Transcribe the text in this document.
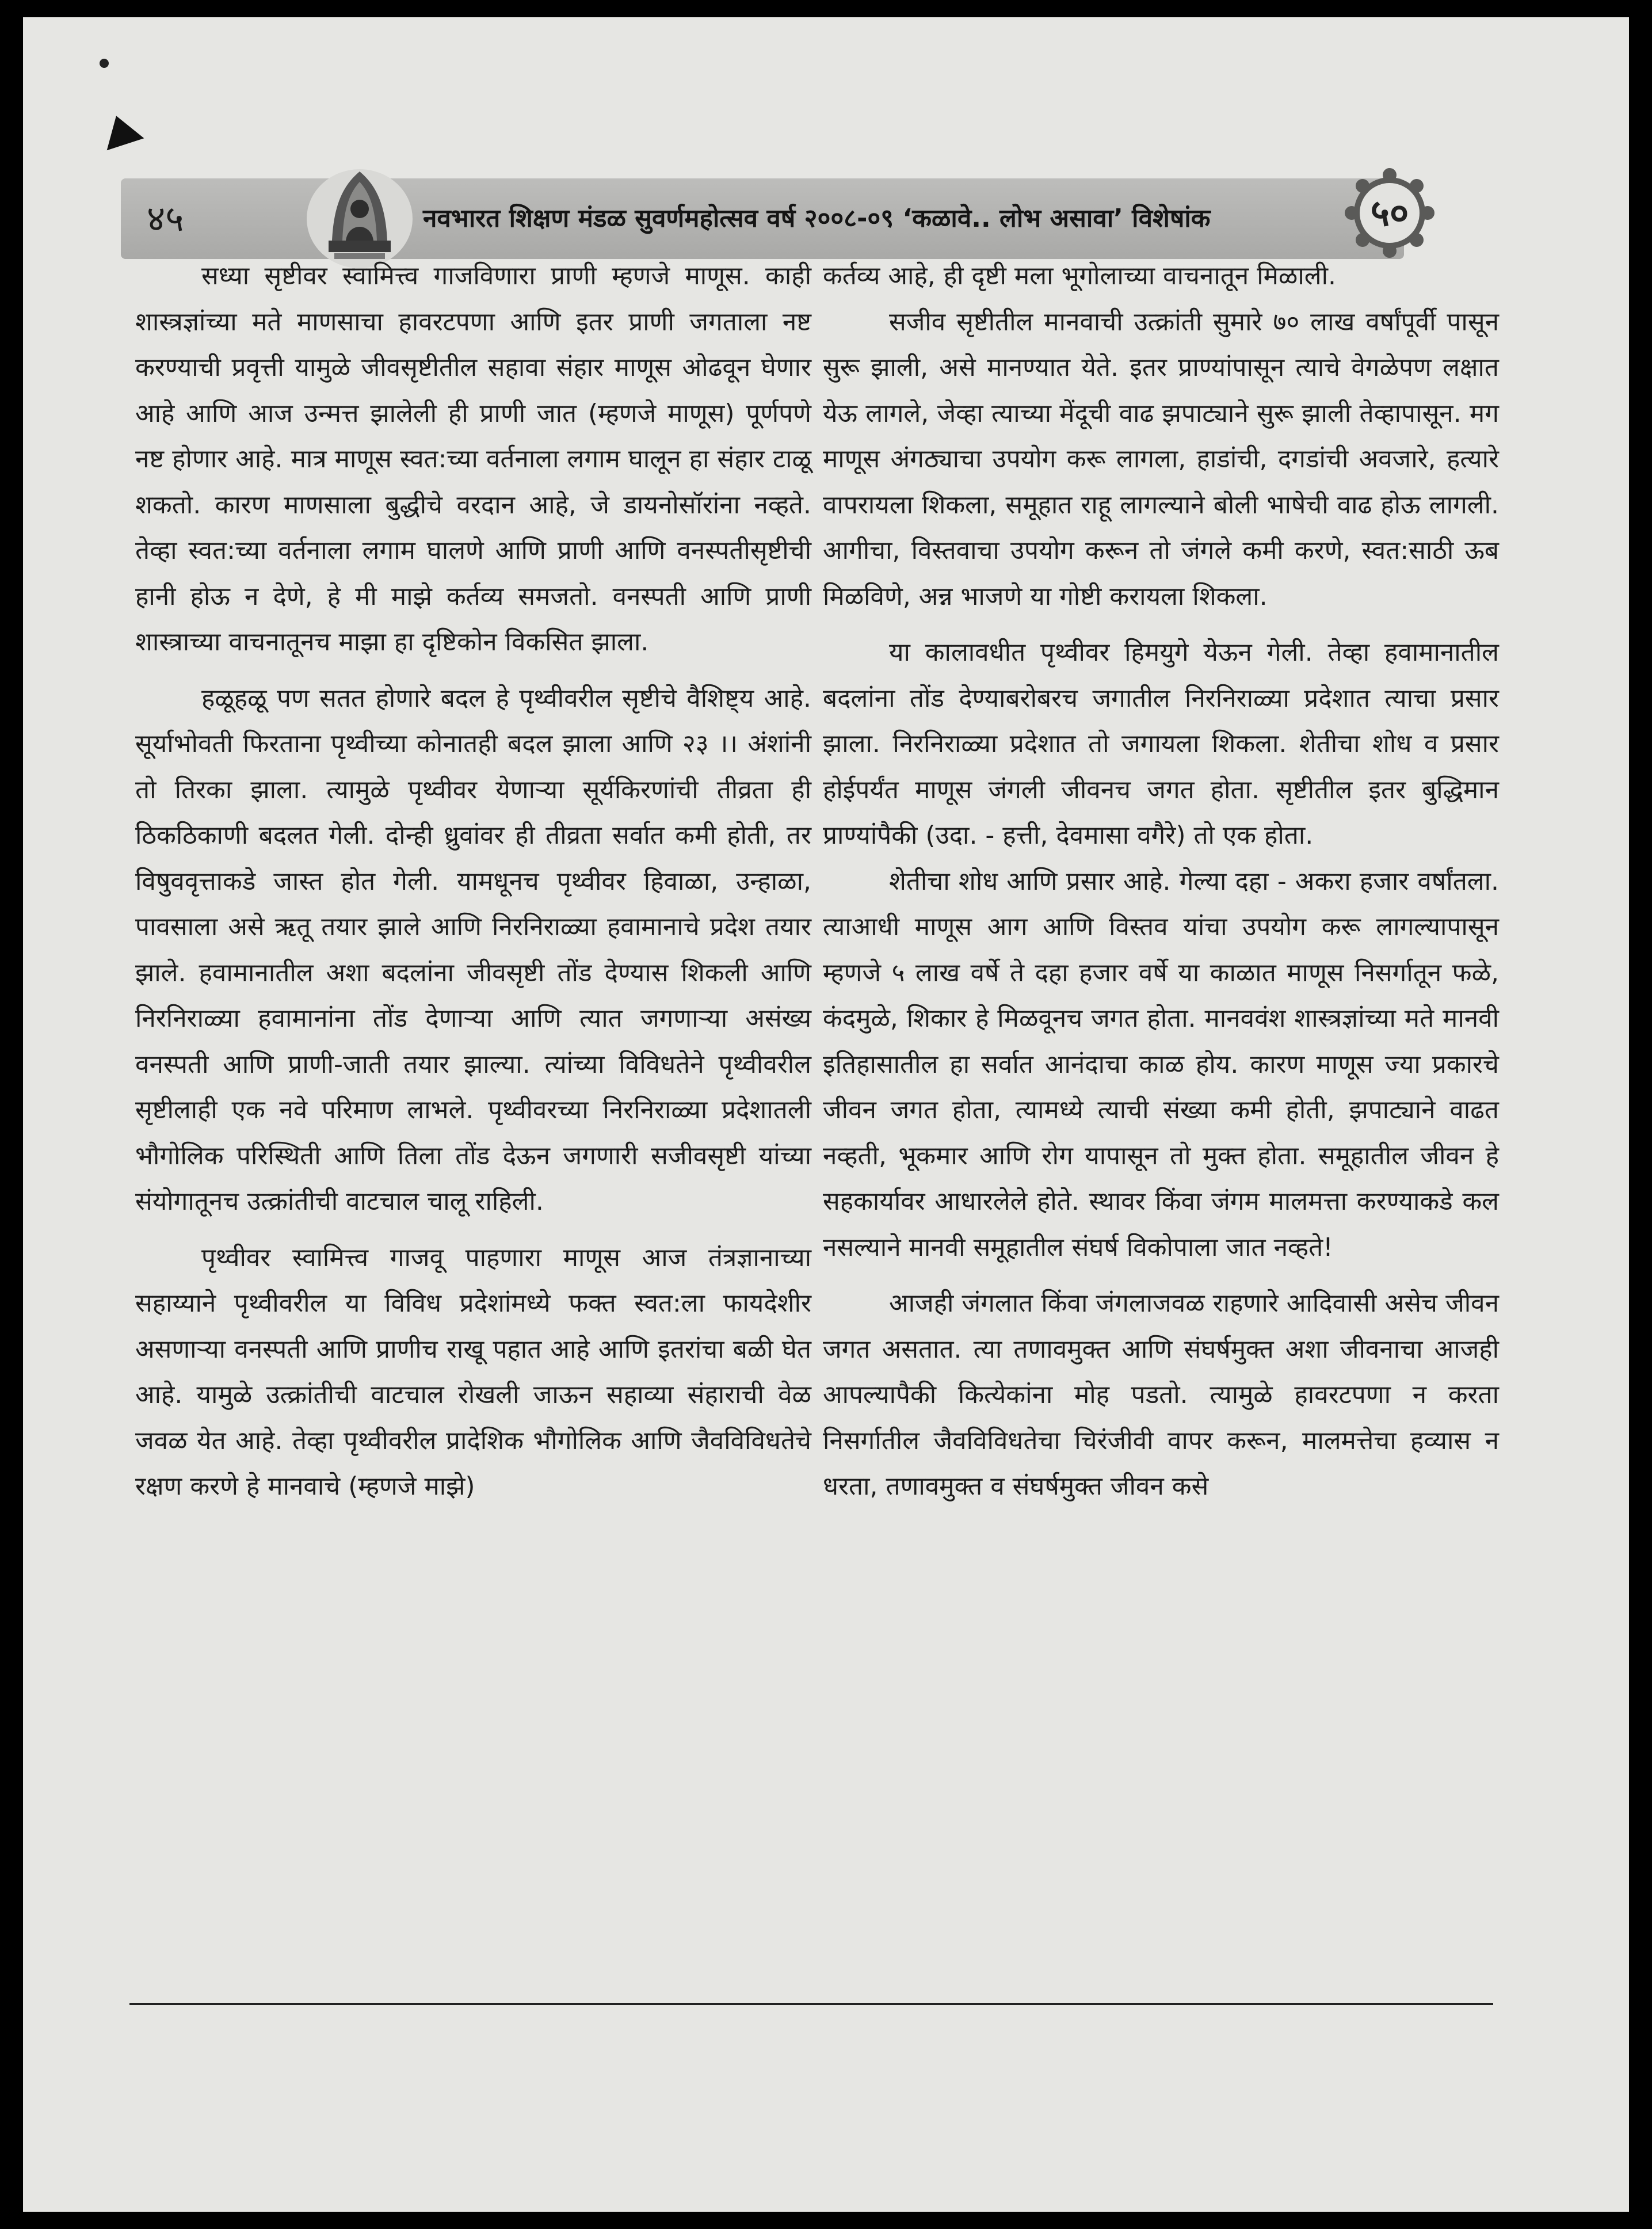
४५	नवभारत शिक्षण मंडळ सुवर्णमहोत्सव वर्ष २००८-०९ ‘कळावे.. लोभ असावा’ विशेषांक	५०

सध्या सृष्टीवर स्वामित्त्व गाजविणारा प्राणी म्हणजे माणूस. काही शास्त्रज्ञांच्या मते माणसाचा हावरटपणा आणि इतर प्राणी जगताला नष्ट करण्याची प्रवृत्ती यामुळे जीवसृष्टीतील सहावा संहार माणूस ओढवून घेणार आहे आणि आज उन्मत्त झालेली ही प्राणी जात (म्हणजे माणूस) पूर्णपणे नष्ट होणार आहे. मात्र माणूस स्वत:च्या वर्तनाला लगाम घालून हा संहार टाळू शकतो. कारण माणसाला बुद्धीचे वरदान आहे, जे डायनोसॉरांना नव्हते. तेव्हा स्वत:च्या वर्तनाला लगाम घालणे आणि प्राणी आणि वनस्पतीसृष्टीची हानी होऊ न देणे, हे मी माझे कर्तव्य समजतो. वनस्पती आणि प्राणी शास्त्राच्या वाचनातूनच माझा हा दृष्टिकोन विकसित झाला.

हळूहळू पण सतत होणारे बदल हे पृथ्वीवरील सृष्टीचे वैशिष्ट्य आहे. सूर्याभोवती फिरताना पृथ्वीच्या कोनातही बदल झाला आणि २३ ।। अंशांनी तो तिरका झाला. त्यामुळे पृथ्वीवर येणाऱ्या सूर्यकिरणांची तीव्रता ही ठिकठिकाणी बदलत गेली. दोन्ही ध्रुवांवर ही तीव्रता सर्वात कमी होती, तर विषुववृत्ताकडे जास्त होत गेली. यामधूनच पृथ्वीवर हिवाळा, उन्हाळा, पावसाला असे ऋतू तयार झाले आणि निरनिराळ्या हवामानाचे प्रदेश तयार झाले. हवामानातील अशा बदलांना जीवसृष्टी तोंड देण्यास शिकली आणि निरनिराळ्या हवामानांना तोंड देणाऱ्या आणि त्यात जगणाऱ्या असंख्य वनस्पती आणि प्राणी-जाती तयार झाल्या. त्यांच्या विविधतेने पृथ्वीवरील सृष्टीलाही एक नवे परिमाण लाभले. पृथ्वीवरच्या निरनिराळ्या प्रदेशातली भौगोलिक परिस्थिती आणि तिला तोंड देऊन जगणारी सजीवसृष्टी यांच्या संयोगातूनच उत्क्रांतीची वाटचाल चालू राहिली.

पृथ्वीवर स्वामित्त्व गाजवू पाहणारा माणूस आज तंत्रज्ञानाच्या सहाय्याने पृथ्वीवरील या विविध प्रदेशांमध्ये फक्त स्वत:ला फायदेशीर असणाऱ्या वनस्पती आणि प्राणीच राखू पहात आहे आणि इतरांचा बळी घेत आहे. यामुळे उत्क्रांतीची वाटचाल रोखली जाऊन सहाव्या संहाराची वेळ जवळ येत आहे. तेव्हा पृथ्वीवरील प्रादेशिक भौगोलिक आणि जैवविविधतेचे रक्षण करणे हे मानवाचे (म्हणजे माझे)

कर्तव्य आहे, ही दृष्टी मला भूगोलाच्या वाचनातून मिळाली.

सजीव सृष्टीतील मानवाची उत्क्रांती सुमारे ७० लाख वर्षांपूर्वी पासून सुरू झाली, असे मानण्यात येते. इतर प्राण्यांपासून त्याचे वेगळेपण लक्षात येऊ लागले, जेव्हा त्याच्या मेंदूची वाढ झपाट्याने सुरू झाली तेव्हापासून. मग माणूस अंगठ्याचा उपयोग करू लागला, हाडांची, दगडांची अवजारे, हत्यारे वापरायला शिकला, समूहात राहू लागल्याने बोली भाषेची वाढ होऊ लागली. आगीचा, विस्तवाचा उपयोग करून तो जंगले कमी करणे, स्वत:साठी ऊब मिळविणे, अन्न भाजणे या गोष्टी करायला शिकला.

या कालावधीत पृथ्वीवर हिमयुगे येऊन गेली. तेव्हा हवामानातील बदलांना तोंड देण्याबरोबरच जगातील निरनिराळ्या प्रदेशात त्याचा प्रसार झाला. निरनिराळ्या प्रदेशात तो जगायला शिकला. शेतीचा शोध व प्रसार होईपर्यंत माणूस जंगली जीवनच जगत होता. सृष्टीतील इतर बुद्धिमान प्राण्यांपैकी (उदा. - हत्ती, देवमासा वगैरे) तो एक होता.

शेतीचा शोध आणि प्रसार आहे. गेल्या दहा - अकरा हजार वर्षांतला. त्याआधी माणूस आग आणि विस्तव यांचा उपयोग करू लागल्यापासून म्हणजे ५ लाख वर्षे ते दहा हजार वर्षे या काळात माणूस निसर्गातून फळे, कंदमुळे, शिकार हे मिळवूनच जगत होता. मानववंश शास्त्रज्ञांच्या मते मानवी इतिहासातील हा सर्वात आनंदाचा काळ होय. कारण माणूस ज्या प्रकारचे जीवन जगत होता, त्यामध्ये त्याची संख्या कमी होती, झपाट्याने वाढत नव्हती, भूकमार आणि रोग यापासून तो मुक्त होता. समूहातील जीवन हे सहकार्यावर आधारलेले होते. स्थावर किंवा जंगम मालमत्ता करण्याकडे कल नसल्याने मानवी समूहातील संघर्ष विकोपाला जात नव्हते!

आजही जंगलात किंवा जंगलाजवळ राहणारे आदिवासी असेच जीवन जगत असतात. त्या तणावमुक्त आणि संघर्षमुक्त अशा जीवनाचा आजही आपल्यापैकी कित्येकांना मोह पडतो. त्यामुळे हावरटपणा न करता निसर्गातील जैवविविधतेचा चिरंजीवी वापर करून, मालमत्तेचा हव्यास न धरता, तणावमुक्त व संघर्षमुक्त जीवन कसे
